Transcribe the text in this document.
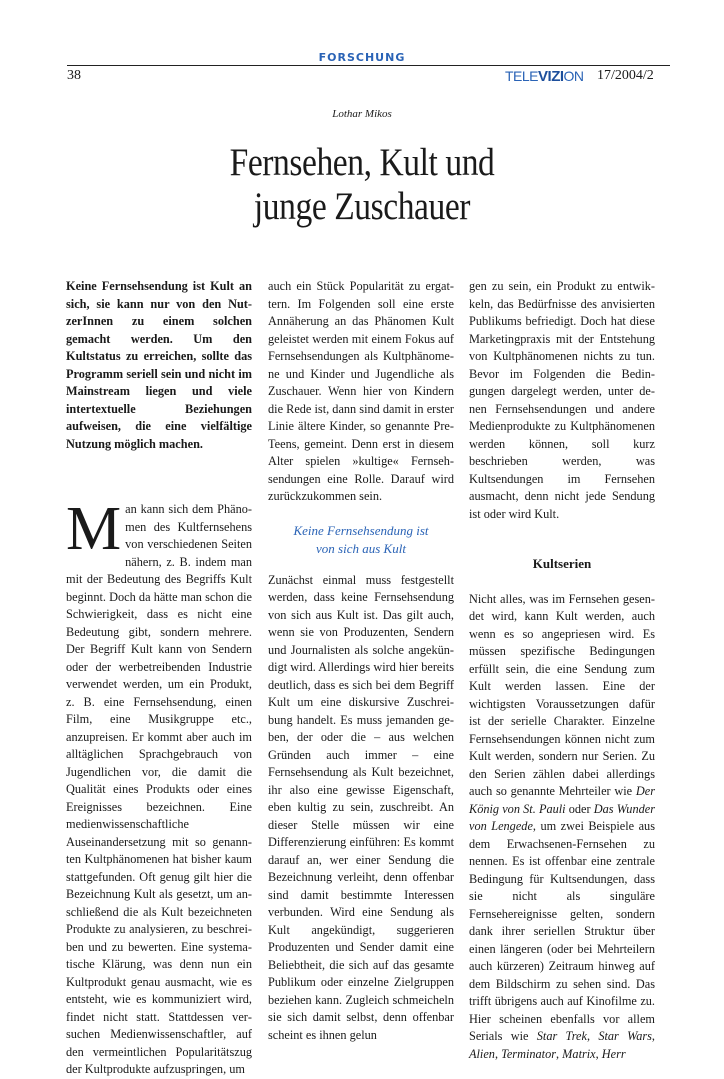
FORSCHUNG
38	TELEVIZION 17/2004/2
Lothar Mikos
Fernsehen, Kult und
junge Zuschauer

Keine Fernsehsendung ist Kult an sich, sie kann nur von den NutzerInnen zu einem solchen gemacht werden. Um den Kultstatus zu erreichen, sollte das Programm seriell sein und nicht im Mainstream liegen und viele intertextuelle Beziehungen aufweisen, die eine vielfältige Nutzung möglich machen.

Man kann sich dem Phänomen des Kultfernsehens von verschiedenen Seiten nähern, z. B. indem man mit der Bedeutung des Begriffs Kult beginnt. Doch da hätte man schon die Schwierigkeit, dass es nicht eine Bedeutung gibt, sondern mehrere. Der Begriff Kult kann von Sendern oder der werbetreibenden Industrie verwendet werden, um ein Produkt, z. B. eine Fernsehsendung, einen Film, eine Musikgruppe etc., anzupreisen. Er kommt aber auch im alltäglichen Sprachgebrauch von Jugendlichen vor, die damit die Qualität eines Produkts oder eines Ereignisses bezeichnen. Eine medienwissenschaftliche Auseinandersetzung mit so genannten Kultphänomenen hat bisher kaum stattgefunden. Oft genug gilt hier die Bezeichnung Kult als gesetzt, um anschließend die als Kult bezeichneten Produkte zu analysieren, zu beschreiben und zu bewerten. Eine systematische Klärung, was denn nun ein Kultprodukt genau ausmacht, wie es entsteht, wie es kommuniziert wird, findet nicht statt. Stattdessen versuchen Medienwissenschaftler, auf den vermeintlichen Popularitätszug der Kultprodukte aufzuspringen, um

auch ein Stück Popularität zu ergattern. Im Folgenden soll eine erste Annäherung an das Phänomen Kult geleistet werden mit einem Fokus auf Fernsehsendungen als Kultphänomene und Kinder und Jugendliche als Zuschauer. Wenn hier von Kindern die Rede ist, dann sind damit in erster Linie ältere Kinder, so genannte Pre-Teens, gemeint. Denn erst in diesem Alter spielen »kultige« Fernsehsendungen eine Rolle. Darauf wird zurückzukommen sein.

Keine Fernsehsendung ist
von sich aus Kult

Zunächst einmal muss festgestellt werden, dass keine Fernsehsendung von sich aus Kult ist. Das gilt auch, wenn sie von Produzenten, Sendern und Journalisten als solche angekündigt wird. Allerdings wird hier bereits deutlich, dass es sich bei dem Begriff Kult um eine diskursive Zuschreibung handelt. Es muss jemanden geben, der oder die – aus welchen Gründen auch immer – eine Fernsehsendung als Kult bezeichnet, ihr also eine gewisse Eigenschaft, eben kultig zu sein, zuschreibt. An dieser Stelle müssen wir eine Differenzierung einführen: Es kommt darauf an, wer einer Sendung die Bezeichnung verleiht, denn offenbar sind damit bestimmte Interessen verbunden. Wird eine Sendung als Kult angekündigt, suggerieren Produzenten und Sender damit eine Beliebtheit, die sich auf das gesamte Publikum oder einzelne Zielgruppen beziehen kann. Zugleich schmeicheln sie sich damit selbst, denn offenbar scheint es ihnen gelun

gen zu sein, ein Produkt zu entwikkeln, das Bedürfnisse des anvisierten Publikums befriedigt. Doch hat diese Marketingpraxis mit der Entstehung von Kultphänomenen nichts zu tun. Bevor im Folgenden die Bedingungen dargelegt werden, unter denen Fernsehsendungen und andere Medienprodukte zu Kultphänomenen werden können, soll kurz beschrieben werden, was Kultsendungen im Fernsehen ausmacht, denn nicht jede Sendung ist oder wird Kult.

Kultserien

Nicht alles, was im Fernsehen gesendet wird, kann Kult werden, auch wenn es so angepriesen wird. Es müssen spezifische Bedingungen erfüllt sein, die eine Sendung zum Kult werden lassen. Eine der wichtigsten Voraussetzungen dafür ist der serielle Charakter. Einzelne Fernsehsendungen können nicht zum Kult werden, sondern nur Serien. Zu den Serien zählen dabei allerdings auch so genannte Mehrteiler wie Der König von St. Pauli oder Das Wunder von Lengede, um zwei Beispiele aus dem Erwachsenen-Fernsehen zu nennen. Es ist offenbar eine zentrale Bedingung für Kultsendungen, dass sie nicht als singuläre Fernsehereignisse gelten, sondern dank ihrer seriellen Struktur über einen längeren (oder bei Mehrteilern auch kürzeren) Zeitraum hinweg auf dem Bildschirm zu sehen sind. Das trifft übrigens auch auf Kinofilme zu. Hier scheinen ebenfalls vor allem Serials wie Star Trek, Star Wars, Alien, Terminator, Matrix, Herr
